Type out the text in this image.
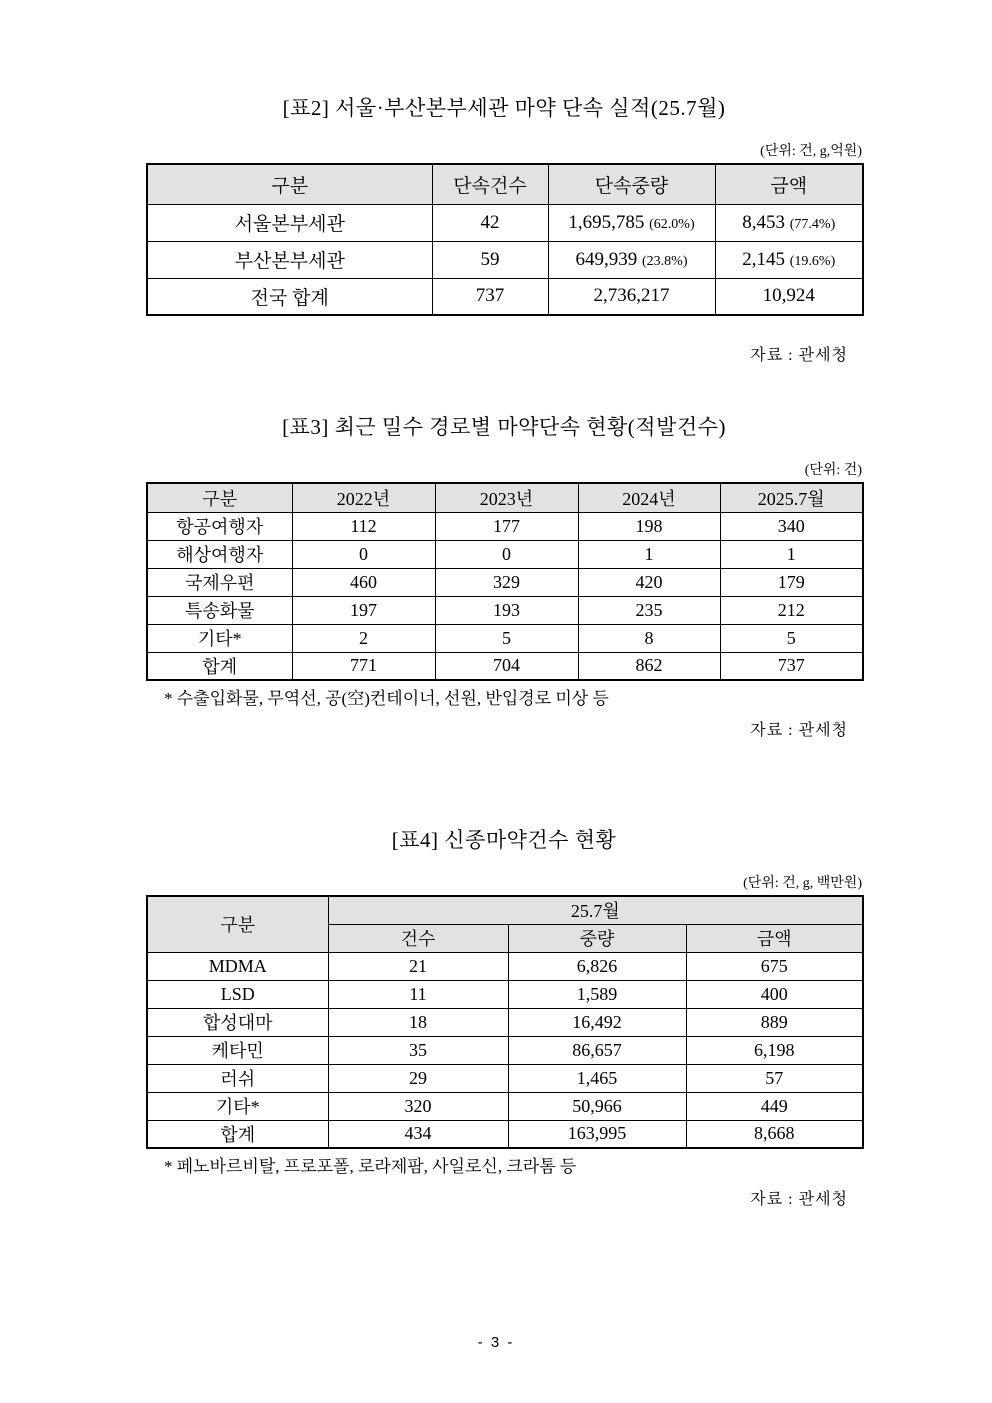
[표2] 서울·부산본부세관 마약 단속 실적(25.7월)
(단위: 건, g,억원)
구분	단속건수	단속중량	금액
서울본부세관	42	1,695,785 (62.0%)	8,453 (77.4%)
부산본부세관	59	649,939 (23.8%)	2,145 (19.6%)
전국 합계	737	2,736,217	10,924

자료 : 관세청

[표3] 최근 밀수 경로별 마약단속 현황(적발건수)
(단위: 건)
구분	2022년	2023년	2024년	2025.7월
항공여행자	112	177	198	340
해상여행자	0	0	1	1
국제우편	460	329	420	179
특송화물	197	193	235	212
기타*	2	5	8	5
합계	771	704	862	737

* 수출입화물, 무역선, 공(空)컨테이너, 선원, 반입경로 미상 등

자료 : 관세청

[표4] 신종마약건수 현황
(단위: 건, g, 백만원)
구분	25.7월		
	건수	중량	금액
MDMA	21	6,826	675
LSD	11	1,589	400
합성대마	18	16,492	889
케타민	35	86,657	6,198
러쉬	29	1,465	57
기타*	320	50,966	449
합계	434	163,995	8,668

* 페노바르비탈, 프로포폴, 로라제팜, 사일로신, 크라톰 등

자료 : 관세청

- 3 -
